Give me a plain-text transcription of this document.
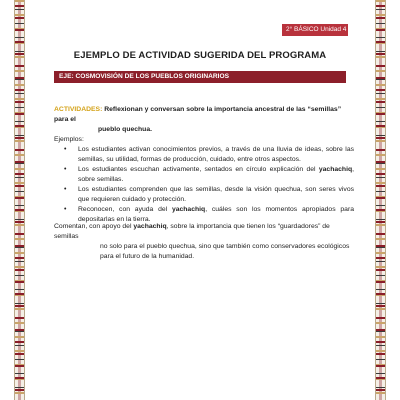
2° BÁSICO Unidad 4
EJEMPLO DE ACTIVIDAD SUGERIDA DEL PROGRAMA
EJE: COSMOVISIÓN DE LOS PUEBLOS ORIGINARIOS
ACTIVIDADES: Reflexionan y conversan sobre la importancia ancestral de las “semillas” para el
pueblo quechua.
Ejemplos:
• Los estudiantes activan conocimientos previos, a través de una lluvia de ideas, sobre las semillas, su utilidad, formas de producción, cuidado, entre otros aspectos.
• Los estudiantes escuchan activamente, sentados en círculo explicación del yachachiq, sobre semillas.
• Los estudiantes comprenden que las semillas, desde la visión quechua, son seres vivos que requieren cuidado y protección.
• Reconocen, con ayuda del yachachiq, cuáles son los momentos apropiados para depositarlas en la tierra.
Comentan, con apoyo del yachachiq, sobre la importancia que tienen los “guardadores” de semillas
no solo para el pueblo quechua, sino que también como conservadores ecológicos
para el futuro de la humanidad.
